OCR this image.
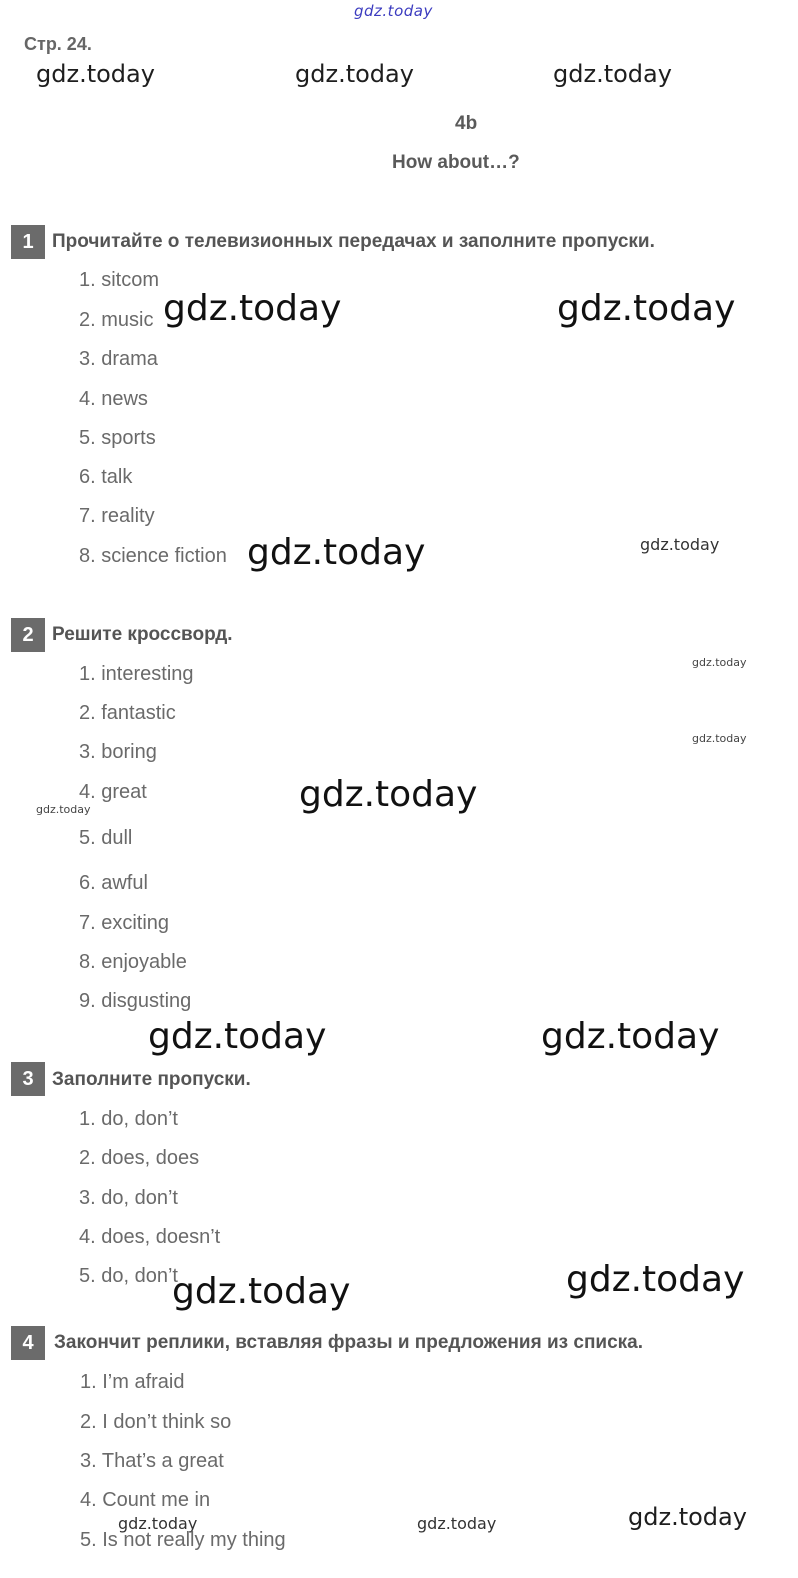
gdz.today
gdz.today	gdz.today	gdz.today
gdz.today	gdz.today
gdz.today	gdz.today
gdz.today
gdz.today
gdz.today
gdz.today
gdz.today	gdz.today
gdz.today
gdz.today
gdz.today
gdz.today	gdz.today
Стр. 24.
4b
How about…?
1 Прочитайте о телевизионных передачах и заполните пропуски.
1. sitcom
2. music
3. drama
4. news
5. sports
6. talk
7. reality
8. science fiction
2 Решите кроссворд.
1. interesting
2. fantastic
3. boring
4. great
5. dull
6. awful
7. exciting
8. enjoyable
9. disgusting
3 Заполните пропуски.
1. do, don’t
2. does, does
3. do, don’t
4. does, doesn’t
5. do, don’t
4	Закончит реплики, вставляя фразы и предложения из списка.
1. I’m afraid
2. I don’t think so
3. That’s a great
4. Count me in
5. Is not really my thing
